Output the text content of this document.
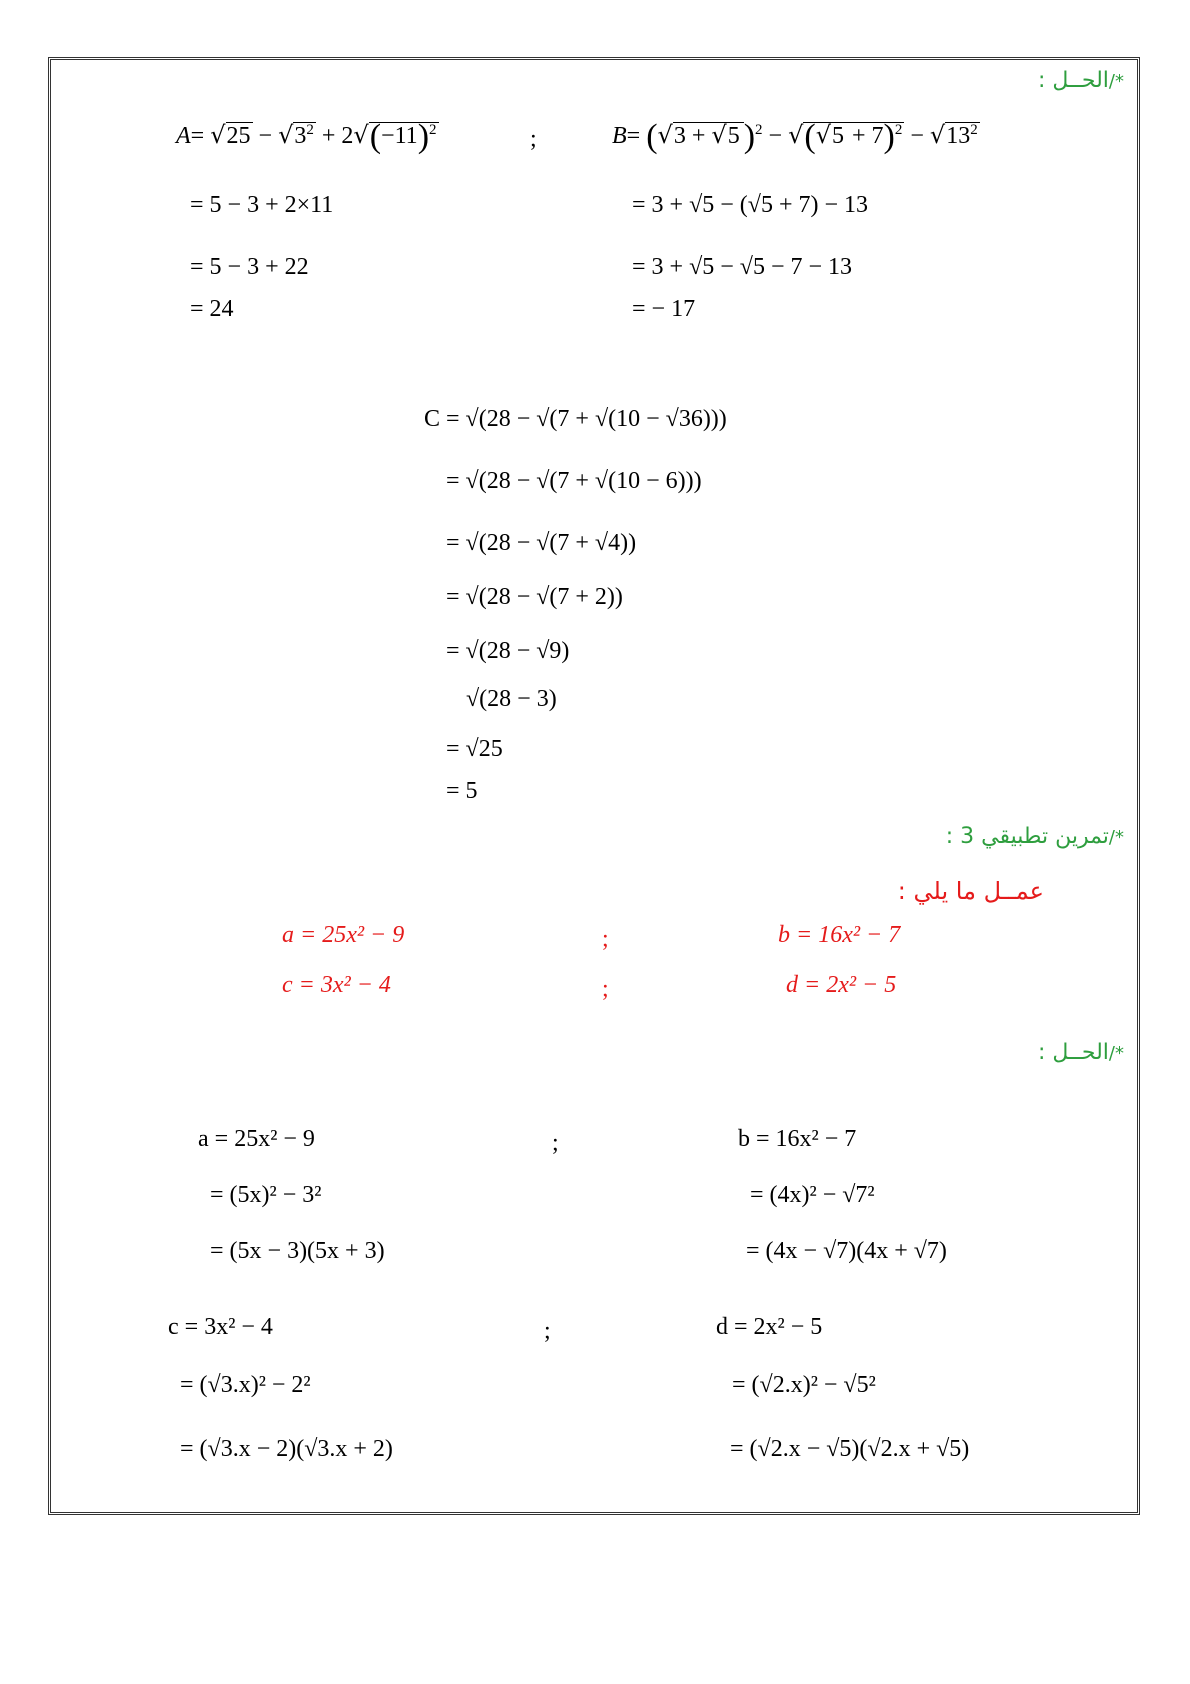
*/الحــل :
$A= √25 - √3^2 + 2√(-11)^2$	;
= 5 − 3 + 2×11
= 5 − 3 + 22
= 24
B= (√3 + √5 )$^2 - √(√5 + 7)^2 - √13^2$
= 3 + √5 − (√5 + 7) − 13
= 3 + √5 − √5 − 7 − 13
= − 17
C = √(28 − √(7 + √(10 − √36)))
= √(28 − √(7 + √(10 − 6)))
= √(28 − √(7 + √4))
= √(28 − √(7 + 2))
= √(28 − √9)
√(28 − 3)
= √25
= 5
*/تمرين تطبيقي 3 :
عمــل ما يلي :
a = 25x² − 9	;	b = 16x² − 7
c = 3x² − 4	;	d = 2x² − 5
*/الحــل :
a = 25x² − 9
= (5x)² − 3²
= (5x − 3)(5x + 3)
;	b = 16x² − 7
= (4x)² − √7²
= (4x − √7)(4x + √7)
c = 3x² − 4
= (√3.x)² − 2²
= (√3.x − 2)(√3.x + 2)
;	d = 2x² − 5
= (√2.x)² − √5²
= (√2.x − √5)(√2.x + √5)
